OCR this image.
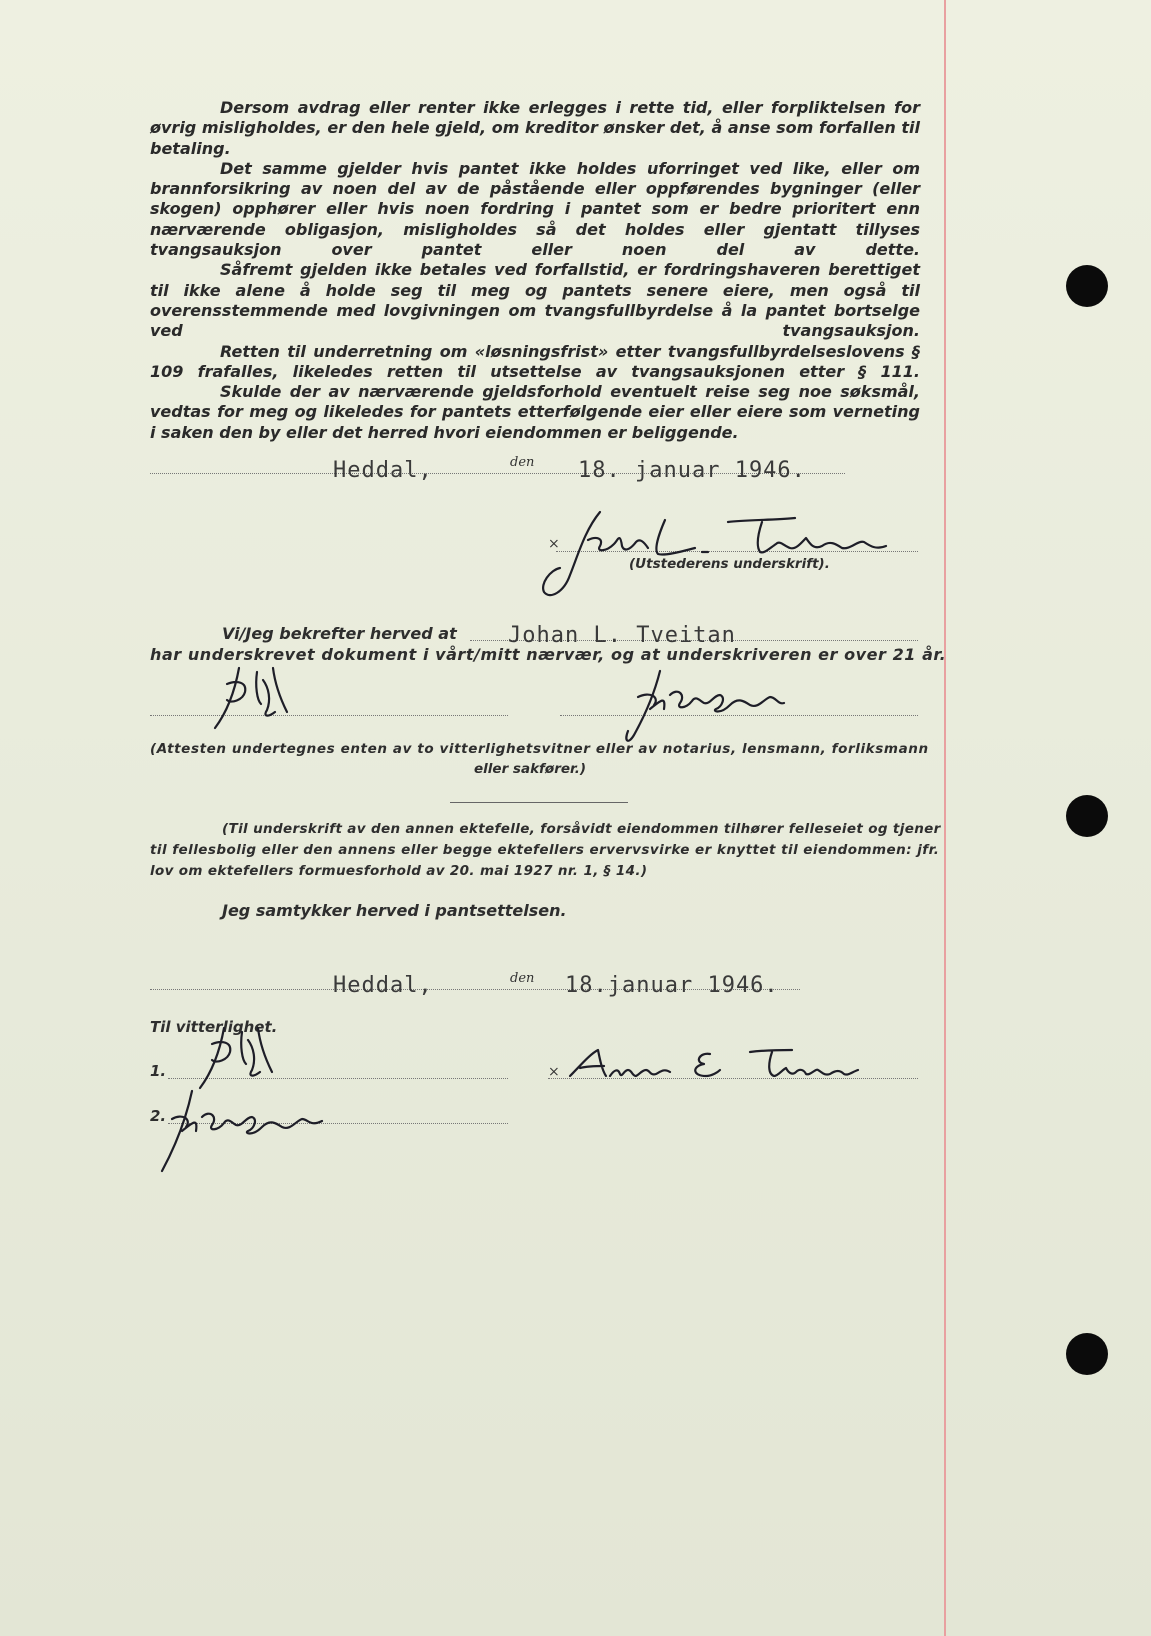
Dersom avdrag eller renter ikke erlegges i rette tid, eller forpliktelsen for øvrig misligholdes, er den hele gjeld, om kreditor ønsker det, å anse som forfallen til betaling.

Det samme gjelder hvis pantet ikke holdes uforringet ved like, eller om brannforsikring av noen del av de påstående eller oppførendes bygninger (eller skogen) opphører eller hvis noen fordring i pantet som er bedre prioritert enn nærværende obligasjon, misligholdes så det holdes eller gjentatt tillyses tvangsauksjon over pantet eller noen del av dette.

Såfremt gjelden ikke betales ved forfallstid, er fordringshaveren berettiget til ikke alene å holde seg til meg og pantets senere eiere, men også til overensstemmende med lovgivningen om tvangsfullbyrdelse å la pantet bortselge ved tvangsauksjon.

Retten til underretning om «løsningsfrist» etter tvangsfullbyrdelseslovens § 109 frafalles, likeledes retten til utsettelse av tvangsauksjonen etter § 111.

Skulde der av nærværende gjeldsforhold eventuelt reise seg noe søksmål, vedtas for meg og likeledes for pantets etterfølgende eier eller eiere som verneting i saken den by eller det herred hvori eiendommen er beliggende.

Heddal,	den 18. januar 1946.
×
(Utstederens underskrift).
Vi/Jeg bekrefter herved at Johan L. Tveitan
har underskrevet dokument i vårt/mitt nærvær, og at underskriveren er over 21 år.
(Attesten undertegnes enten av to vitterlighetsvitner eller av notarius, lensmann, forliksmann
eller sakfører.)
(Til underskrift av den annen ektefelle, forsåvidt eiendommen tilhører felleseiet og tjener
til fellesbolig eller den annens eller begge ektefellers ervervsvirke er knyttet til eiendommen: jfr.
lov om ektefellers formuesforhold av 20. mai 1927 nr. 1, § 14.)
Jeg samtykker herved i pantsettelsen.
Heddal,	den 18.januar 1946.
Til vitterlighet.
1.
2.
×
